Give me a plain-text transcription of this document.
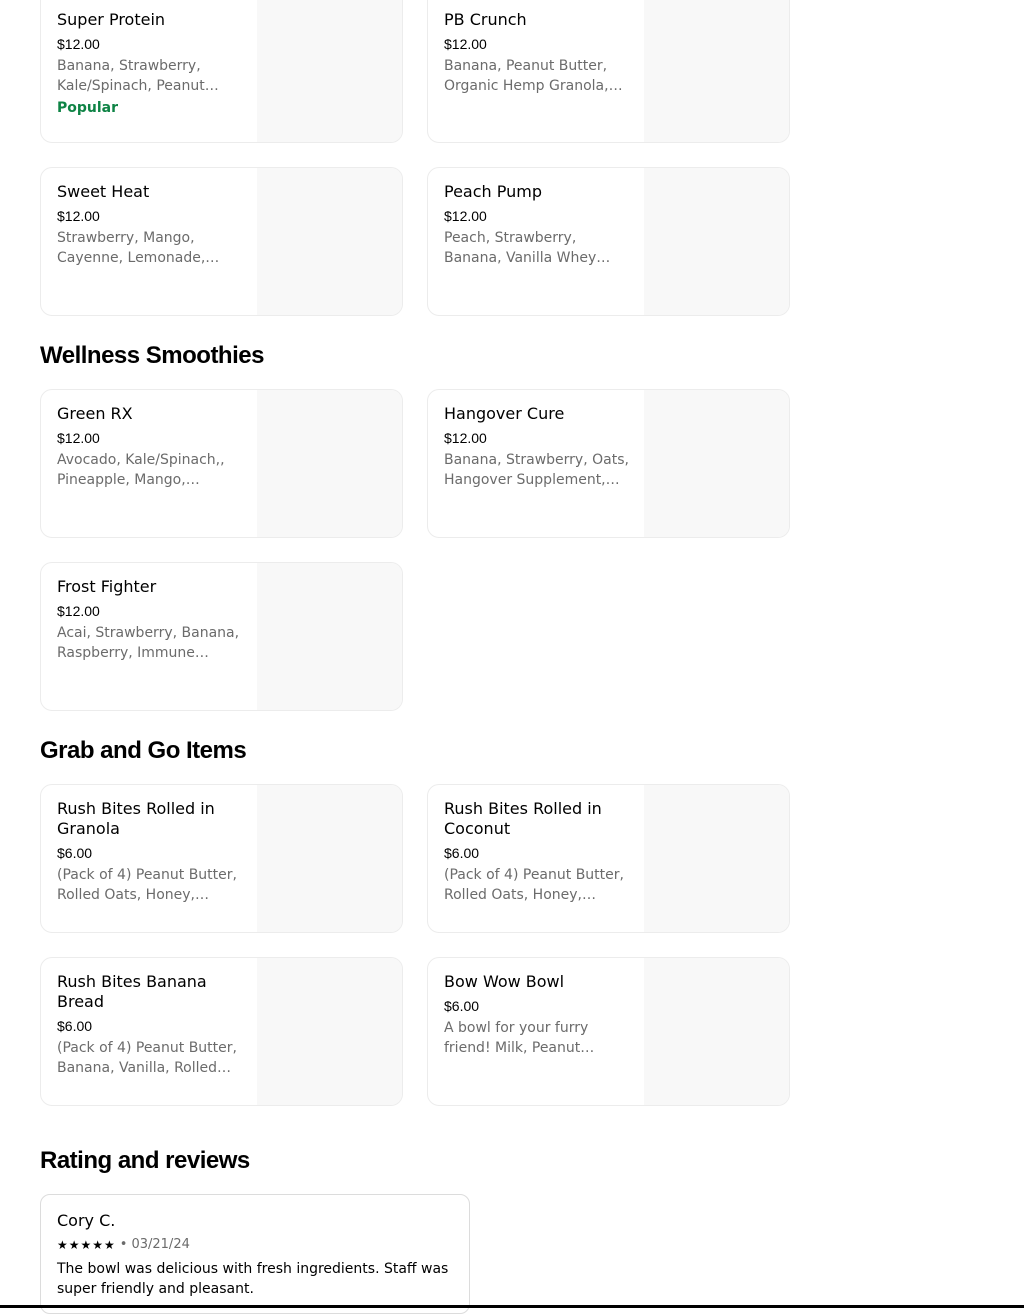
Super Protein
$12.00
Banana, Strawberry, Kale/Spinach, Peanut
Popular
PB Crunch
$12.00
Banana, Peanut Butter, Organic Hemp Granola,
Sweet Heat
$12.00
Strawberry, Mango, Cayenne, Lemonade,
Peach Pump
$12.00
Peach, Strawberry, Banana, Vanilla Whey
Wellness Smoothies
Green RX
$12.00
Avocado, Kale/Spinach,, Pineapple, Mango,
Hangover Cure
$12.00
Banana, Strawberry, Oats, Hangover Supplement,
Frost Fighter
$12.00
Acai, Strawberry, Banana, Raspberry, Immune
Grab and Go Items
Rush Bites Rolled in Granola
$6.00
(Pack of 4) Peanut Butter, Rolled Oats, Honey,
Rush Bites Rolled in Coconut
$6.00
(Pack of 4) Peanut Butter, Rolled Oats, Honey,
Rush Bites Banana Bread
$6.00
(Pack of 4) Peanut Butter, Banana, Vanilla, Rolled
Bow Wow Bowl
$6.00
A bowl for your furry friend! Milk, Peanut
Rating and reviews
Cory C.
★★★★★ • 03/21/24
The bowl was delicious with fresh ingredients. Staff was super friendly and pleasant.
